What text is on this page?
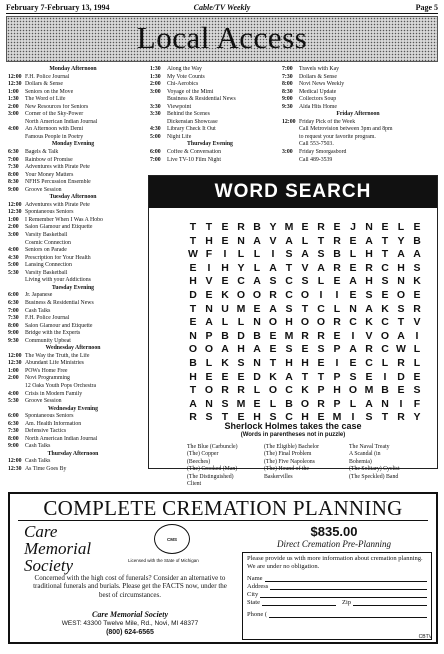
February 7-February 13, 1994	Cable/TV Weekly	Page 5
Local Access
Monday Afternoon
12:00 F.H. Police Journal
12:30 Dollars & Sense
1:00	Seniors on the Move
1:30	The Word of Life
2:00	New Resources for Seniors
3:00	Corner of the Sky-Power
North American Indian Journal
4:00	An Afternoon with Demi
Famous People in Poetry
Monday Evening
6:30	Bagels & Talk
7:00	Rainbow of Promise
7:30	Adventures with Pirate Pete
8:00	Your Money Matters
8:30	NFHS Percussion Ensemble
9:00	Groove Session
Tuesday Afternoon
12:00 Adventures with Pirate Pete
12:30 Spontaneous Seniors
1:00	I Remember When I Was A Hobo
2:00	Salon Glamour and Etiquette
3:00	Varsity Basketball
Cosmic Connection
4:00	Seniors on Parade
4:30	Prescription for Your Health
5:00	Lansing Connection
5:30	Varsity Basketball
Living with your Addictions
Tuesday Evening
6:00	Jr. Japanese
6:30	Business & Residential News
7:00	Cash Talks
7:30	F.H. Police Journal
8:00	Salon Glamour and Etiquette
9:00	Bridge with the Experts
9:30	Community Upbeat
Wednesday Afternoon
12:00 The Way the Truth, the Life
12:30 Abundant Life Ministries
1:00	POWs Home Free
2:00	Novi Programming
12 Oaks Youth Pops Orchestra
4:00	Crisis in Modern Family
5:30	Groove Session
Wednesday Evening
6:00	Spontaneous Seniors
6:30	Am. Health Information
7:30	Defensive Tactics
8:00	North American Indian Journal
9:00	Cash Talks
Thursday Afternoon
12:00 Cash Talks
12:30 As Time Goes By
1:30	Along the Way
1:30	My Vote Counts
2:00	Chi-Aerobics
3:00	Voyage of the Mimi
Business & Residential News
3:30	Viewpoint
3:30	Behind the Scenes
Dickensian Showcase
4:30	Library Check It Out
5:00	Night Life
Thursday Evening
6:00	Coffee & Conversation
7:00	Live TV-10 Film Night
7:00	Travels with Kay
7:30	Dollars & Sense
8:00	Novi News Weekly
8:30	Medical Update
9:00	Collectors Soup
9:30	Alda Hits Home
Friday Afternoon
12:00 Friday Pick of the Week
Call Metrovision between 3pm and 8pm
to request your favorite program.
Call 553-7503.
3:00	Friday Smorgasbord
Call 489-3539
WORD SEARCH
T T E R B Y M E R E J N E L E
T H E N A V A L T R E A T Y B
W F	I	L L	I	S A S B L H T A A
E	I	H Y L A T V A R E R C H S
H V E C A S C S L E A H S N K
D E K O O R C O I	I	E S E O E
T N U M E A S T C L N A K S R
E A L L N O H O O R C K C T V
N P B D B E M R R E	I	V O A	I
O O A H A E S E S P A R C W L
B L K S N T H H E	I	E C L R L
H E E E D K A T T P S E	I	D E
T O R R L O C K P H O M B E S
A N S M E L B O R P L A N	I	F
R S T E H S C H E M I	S T R Y
Sherlock Holmes takes the case
(Words in parentheses not in puzzle)
The Blue (Carbuncle)
(The) Copper
(Beeches)
(The) Crooked (Man)
(The Distinguished)
Client
(The Eligible) Bachelor
(The) Final Problem
(The) Five Napoleons
(The) Hound of the
Baskervilles
The Naval Treaty
A Scandal (in
Bohemia)
(The Solitary) Cyclist
(The Speckled) Band
COMPLETE CREMATION PLANNING
Care
Memorial
Society
CMS
Licensed with the State of Michigan
$835.00
Direct Cremation Pre-Planning
Concerned with the high cost of funerals? Consider an alternative to traditional funerals and burials. Please get the FACTS now, under the best of circumstances.
Care Memorial Society
WEST: 43300 Twelve Mile, Rd., Novi, MI 48377
(800) 624-6565
Please provide us with more information about cremation planning. We are under no obligation.
Name
Address
City
State	Zip
Phone (
CBTV
